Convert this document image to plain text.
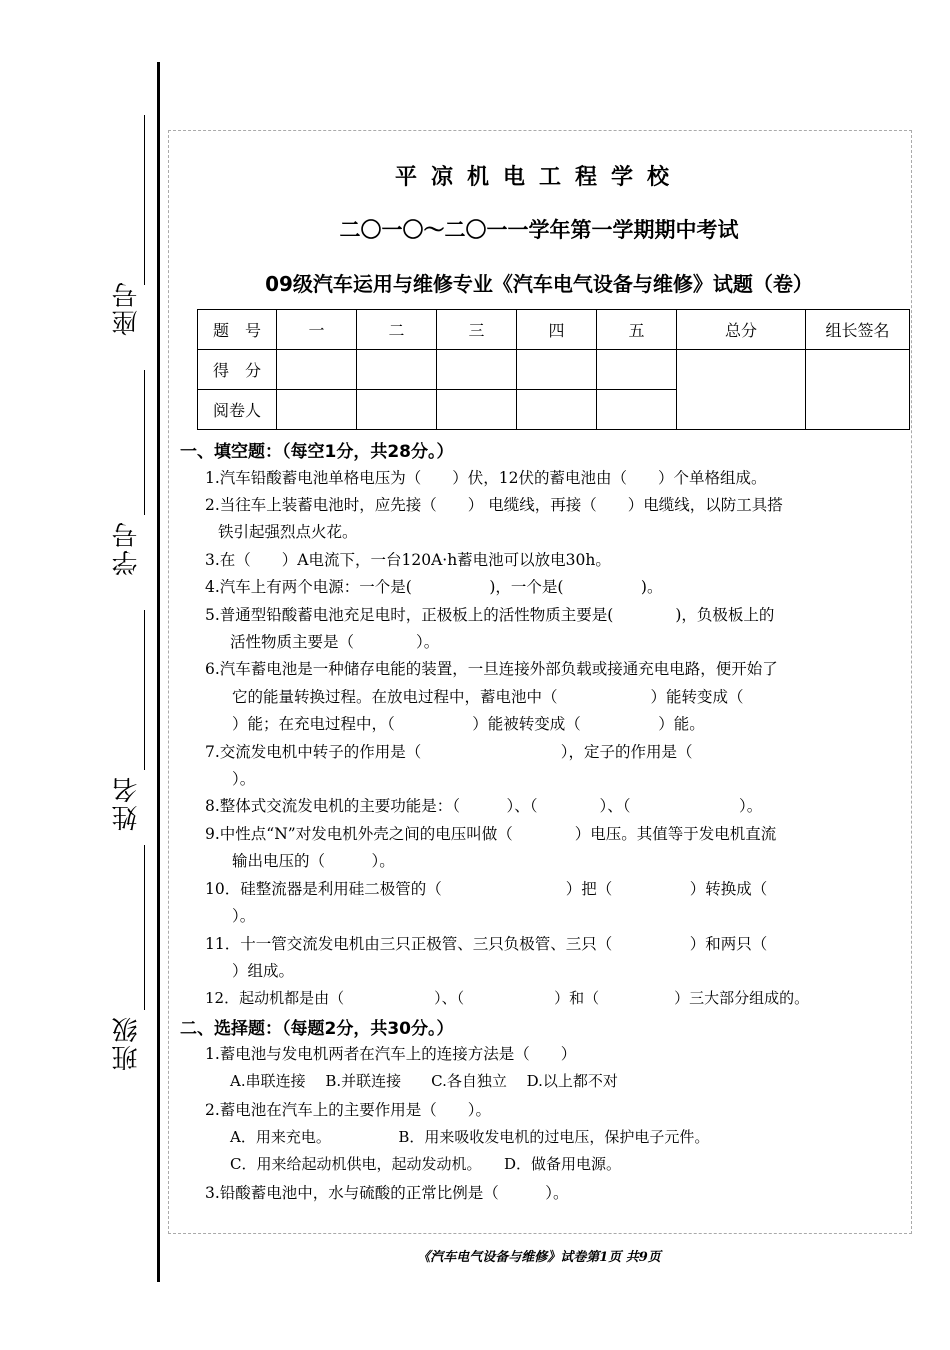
座号
学号
姓名
班级
平凉机电工程学校
二〇一〇～二〇一一学年第一学期期中考试
09级汽车运用与维修专业《汽车电气设备与维修》试题（卷）
题　号	一	二	三	四	五	总分	组长签名
得　分							
阅卷人							
一、填空题：（每空1分，共28分。）
1.汽车铅酸蓄电池单格电压为（　　）伏，12伏的蓄电池由（　　）个单格组成。
2.当往车上装蓄电池时，应先接（　　） 电缆线，再接（　　）电缆线，以防工具搭
铁引起强烈点火花。
3.在（　　）A电流下，一台120A·h蓄电池可以放电30h。
4.汽车上有两个电源：一个是(　　　　　)，一个是(　　　　　)。
5.普通型铅酸蓄电池充足电时，正极板上的活性物质主要是(　　　　)，负极板上的
活性物质主要是（　　　　）。
6.汽车蓄电池是一种储存电能的装置，一旦连接外部负载或接通充电电路，便开始了
它的能量转换过程。在放电过程中，蓄电池中（　　　　　　）能转变成（
）能；在充电过程中，（　　　　　）能被转变成（　　　　　）能。
7.交流发电机中转子的作用是（　　　　　　　　　），定子的作用是（
）。
8.整体式交流发电机的主要功能是：（　　　）、（　　　　）、（　　　　　　　）。
9.中性点“N”对发电机外壳之间的电压叫做（　　　　）电压。其值等于发电机直流
输出电压的（　　　）。
10．硅整流器是利用硅二极管的（　　　　　　　　）把（　　　　　）转换成（
）。
11．十一管交流发电机由三只正极管、三只负极管、三只（　　　　　）和两只（
）组成。
12．起动机都是由（　　　　　　）、（　　　　　　）和（　　　　　）三大部分组成的。
二、选择题：（每题2分，共30分。）
1.蓄电池与发电机两者在汽车上的连接方法是（　　）
A.串联连接　 B.并联连接　　C.各自独立　 D.以上都不对
2.蓄电池在汽车上的主要作用是（　　）。
A．用来充电。　　　　　B．用来吸收发电机的过电压，保护电子元件。
C．用来给起动机供电，起动发动机。　　D．做备用电源。
3.铅酸蓄电池中，水与硫酸的正常比例是（　　　）。
《汽车电气设备与维修》试卷第1页 共9页
